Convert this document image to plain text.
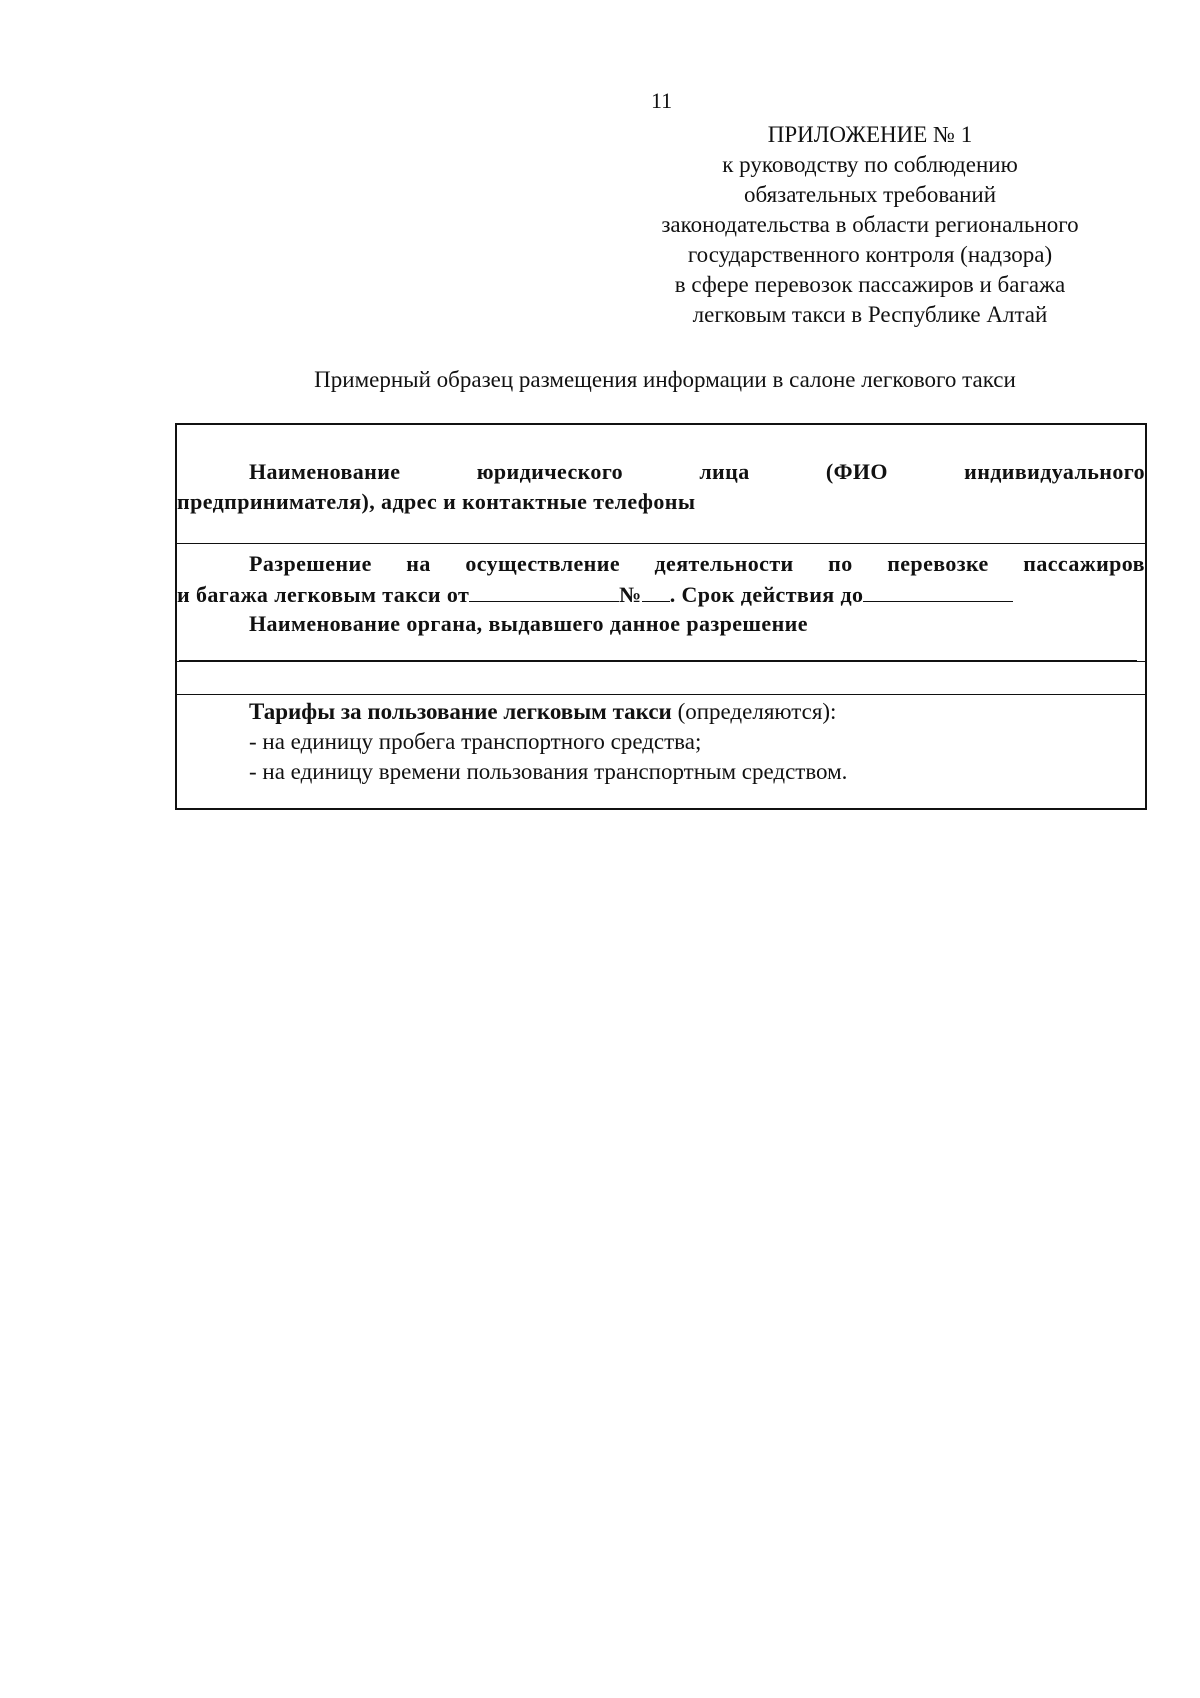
11
ПРИЛОЖЕНИЕ № 1
к руководству по соблюдению
обязательных требований
законодательства в области регионального
государственного контроля (надзора)
в сфере перевозок пассажиров и багажа
легковым такси в Республике Алтай
Примерный образец размещения информации в салоне легкового такси
Наименование	юридического	лица	(ФИО	индивидуального
предпринимателя), адрес и контактные телефоны
Разрешение на осуществление деятельности по перевозке пассажиров
и багажа легковым такси от	№ . Срок действия до
Наименование органа, выдавшего данное разрешение
Тарифы за пользование легковым такси (определяются):
- на единицу пробега транспортного средства;
- на единицу времени пользования транспортным средством.
